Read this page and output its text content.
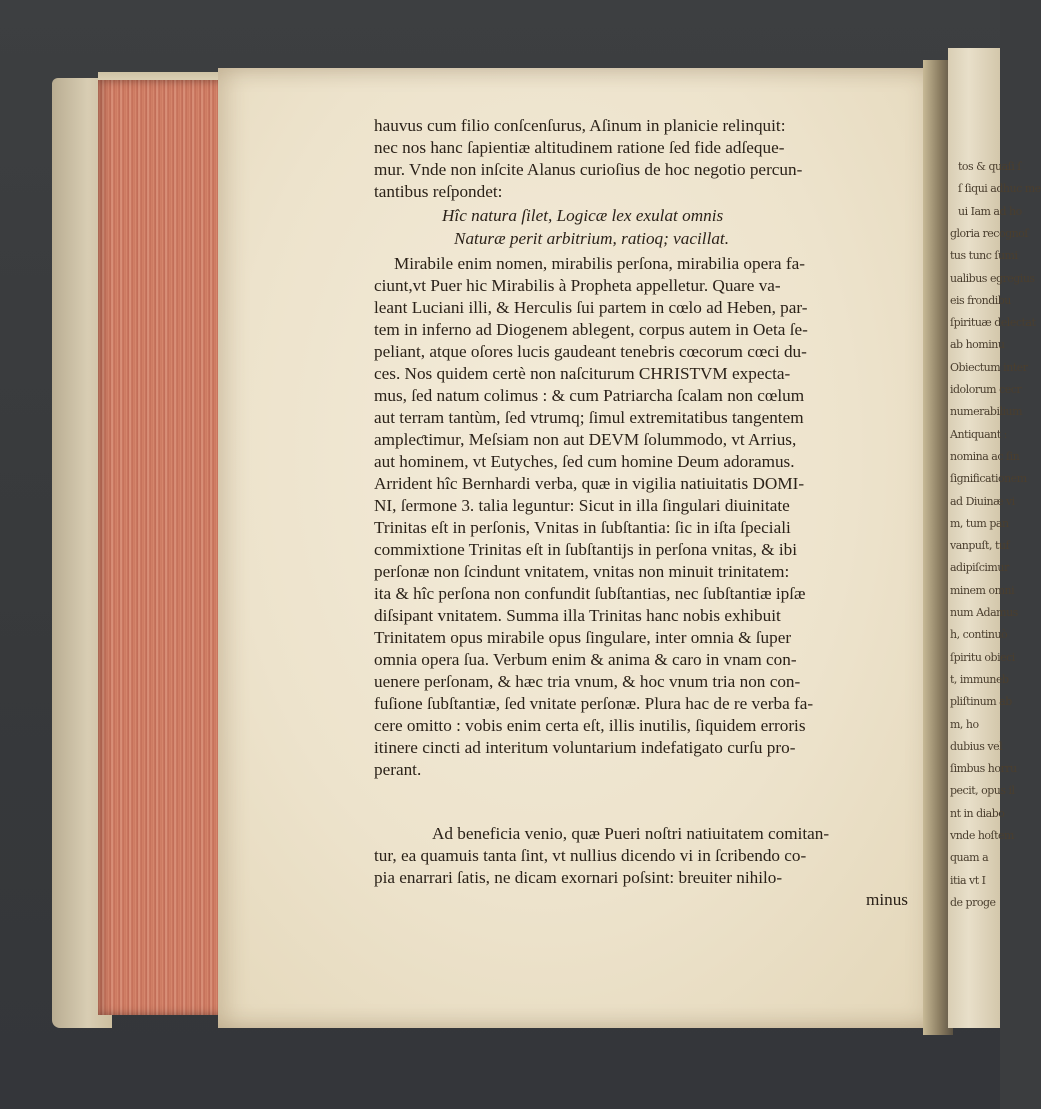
tos & quaſi ſ
ſ ſiqui adhuc me
ui Iam ad ho
gloria recognoſ
tus tunc ſumi
ualibus egregius
eis frondibu
ſpirituæ delectat
ab hominu
Obiectum inter
idolorum cecr
numerabilium
Antiquant :
nomina ac ſin
ſignificationem
ad Diuinæ vi
m, tum pan
vanpuſt, tuf
adipiſcimur
minem omni
num Adamus
h, continuò
ſpiritu obieci
t, immuneb
pliſtinum ab
m, ho
dubius vel
ſimbus horru
pecit, opus il
nt in diabo
vnde hoſtem
quam a
itia vt I
de proge
hauvus cum filio conſcenſurus, Aſinum in planicie relinquit:
nec nos hanc ſapientiæ altitudinem ratione ſed fide adſeque-
mur. Vnde non inſcite Alanus curioſius de hoc negotio percun-
tantibus reſpondet:
Hîc natura ſilet, Logicæ lex exulat omnis
Naturæ perit arbitrium, ratioq; vacillat.
Mirabile enim nomen, mirabilis perſona, mirabilia opera fa-
ciunt,vt Puer hic Mirabilis à Propheta appelletur. Quare va-
leant Luciani illi, & Herculis ſui partem in cœlo ad Heben, par-
tem in inferno ad Diogenem ablegent, corpus autem in Oeta ſe-
peliant, atque oſores lucis gaudeant tenebris cœcorum cœci du-
ces. Nos quidem certè non naſciturum CHRISTVM expecta-
mus, ſed natum colimus : & cum Patriarcha ſcalam non cœlum
aut terram tantùm, ſed vtrumq; ſimul extremitatibus tangentem
ampleƈtimur, Meſsiam non aut DEVM ſolummodo, vt Arrius,
aut hominem, vt Eutyches, ſed cum homine Deum adoramus.
Arrident hîc Bernhardi verba, quæ in vigilia natiuitatis DOMI-
NI, ſermone 3. talia leguntur: Sicut in illa ſingulari diuinitate
Trinitas eſt in perſonis, Vnitas in ſubſtantia: ſic in iſta ſpeciali
commixtione Trinitas eſt in ſubſtantijs in perſona vnitas, & ibi
perſonæ non ſcindunt vnitatem, vnitas non minuit trinitatem:
ita & hîc perſona non confundit ſubſtantias, nec ſubſtantiæ ipſæ
diſsipant vnitatem. Summa illa Trinitas hanc nobis exhibuit
Trinitatem opus mirabile opus ſingulare, inter omnia & ſuper
omnia opera ſua. Verbum enim & anima & caro in vnam con-
uenere perſonam, & hæc tria vnum, & hoc vnum tria non con-
fuſione ſubſtantiæ, ſed vnitate perſonæ. Plura hac de re verba fa-
cere omitto : vobis enim certa eſt, illis inutilis, ſiquidem erroris
itinere cincti ad interitum voluntarium indefatigato curſu pro-
perant.
Ad beneficia venio, quæ Pueri noſtri natiuitatem comitan-
tur, ea quamuis tanta ſint, vt nullius dicendo vi in ſcribendo co-
pia enarrari ſatis, ne dicam exornari poſsint: breuiter nihilo-
minus
